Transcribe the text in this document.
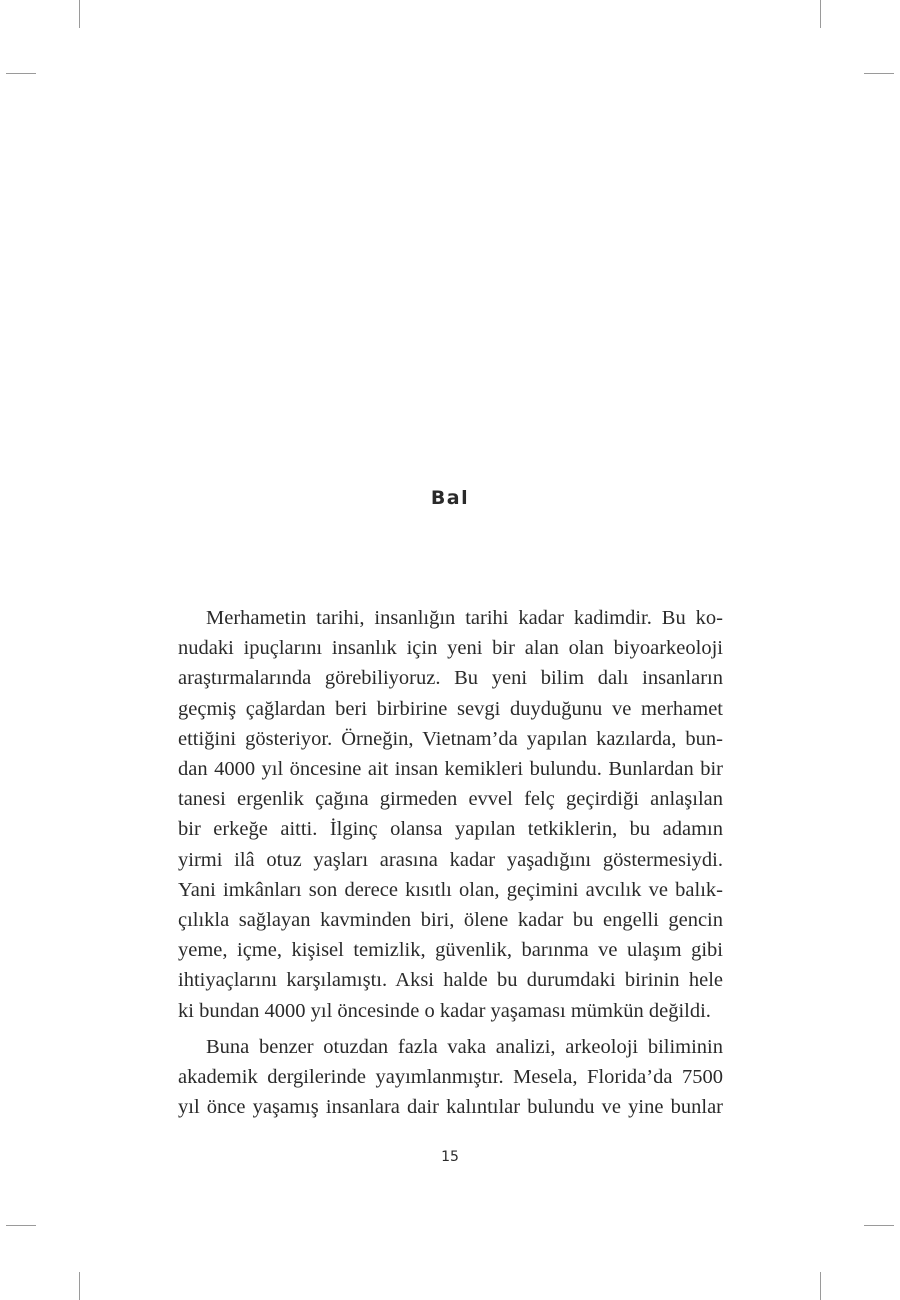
Bal

Merhametin tarihi, insanlığın tarihi kadar kadimdir. Bu ko-
nudaki ipuçlarını insanlık için yeni bir alan olan biyoarkeoloji
araştırmalarında görebiliyoruz. Bu yeni bilim dalı insanların
geçmiş çağlardan beri birbirine sevgi duyduğunu ve merhamet
ettiğini gösteriyor. Örneğin, Vietnam’da yapılan kazılarda, bun-
dan 4000 yıl öncesine ait insan kemikleri bulundu. Bunlardan bir
tanesi ergenlik çağına girmeden evvel felç geçirdiği anlaşılan
bir erkeğe aitti. İlginç olansa yapılan tetkiklerin, bu adamın
yirmi ilâ otuz yaşları arasına kadar yaşadığını göstermesiydi.
Yani imkânları son derece kısıtlı olan, geçimini avcılık ve balık-
çılıkla sağlayan kavminden biri, ölene kadar bu engelli gencin
yeme, içme, kişisel temizlik, güvenlik, barınma ve ulaşım gibi
ihtiyaçlarını karşılamıştı. Aksi halde bu durumdaki birinin hele
ki bundan 4000 yıl öncesinde o kadar yaşaması mümkün değildi.

Buna benzer otuzdan fazla vaka analizi, arkeoloji biliminin
akademik dergilerinde yayımlanmıştır. Mesela, Florida’da 7500
yıl önce yaşamış insanlara dair kalıntılar bulundu ve yine bunlar

15
